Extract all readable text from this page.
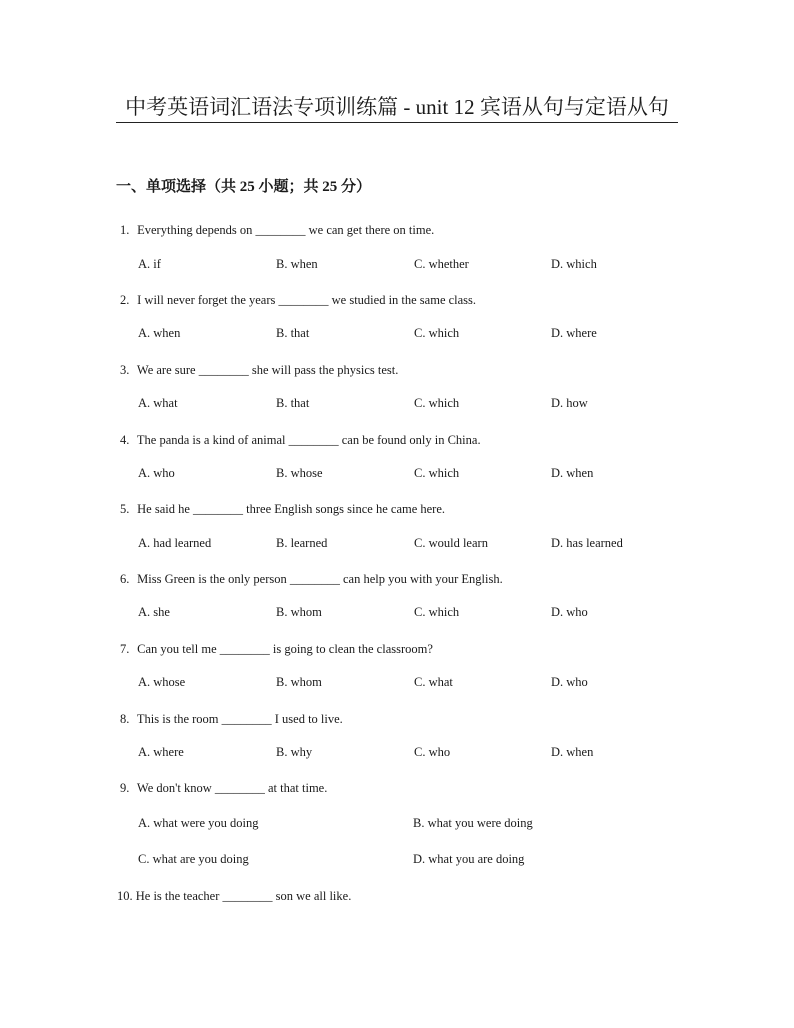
中考英语词汇语法专项训练篇 - unit 12 宾语从句与定语从句
一、单项选择（共 25 小题；共 25 分）
1. Everything depends on ________ we can get there on time.
A. if	B. when	C. whether	D. which
2. I will never forget the years ________ we studied in the same class.
A. when	B. that	C. which	D. where
3. We are sure ________ she will pass the physics test.
A. what	B. that	C. which	D. how
4. The panda is a kind of animal ________ can be found only in China.
A. who	B. whose	C. which	D. when
5. He said he ________ three English songs since he came here.
A. had learned	B. learned	C. would learn	D. has learned
6. Miss Green is the only person ________ can help you with your English.
A. she	B. whom	C. which	D. who
7. Can you tell me ________ is going to clean the classroom?
A. whose	B. whom	C. what	D. who
8. This is the room ________ I used to live.
A. where	B. why	C. who	D. when
9. We don't know ________ at that time.
A. what were you doing	B. what you were doing
C. what are you doing	D. what you are doing
10. He is the teacher ________ son we all like.
